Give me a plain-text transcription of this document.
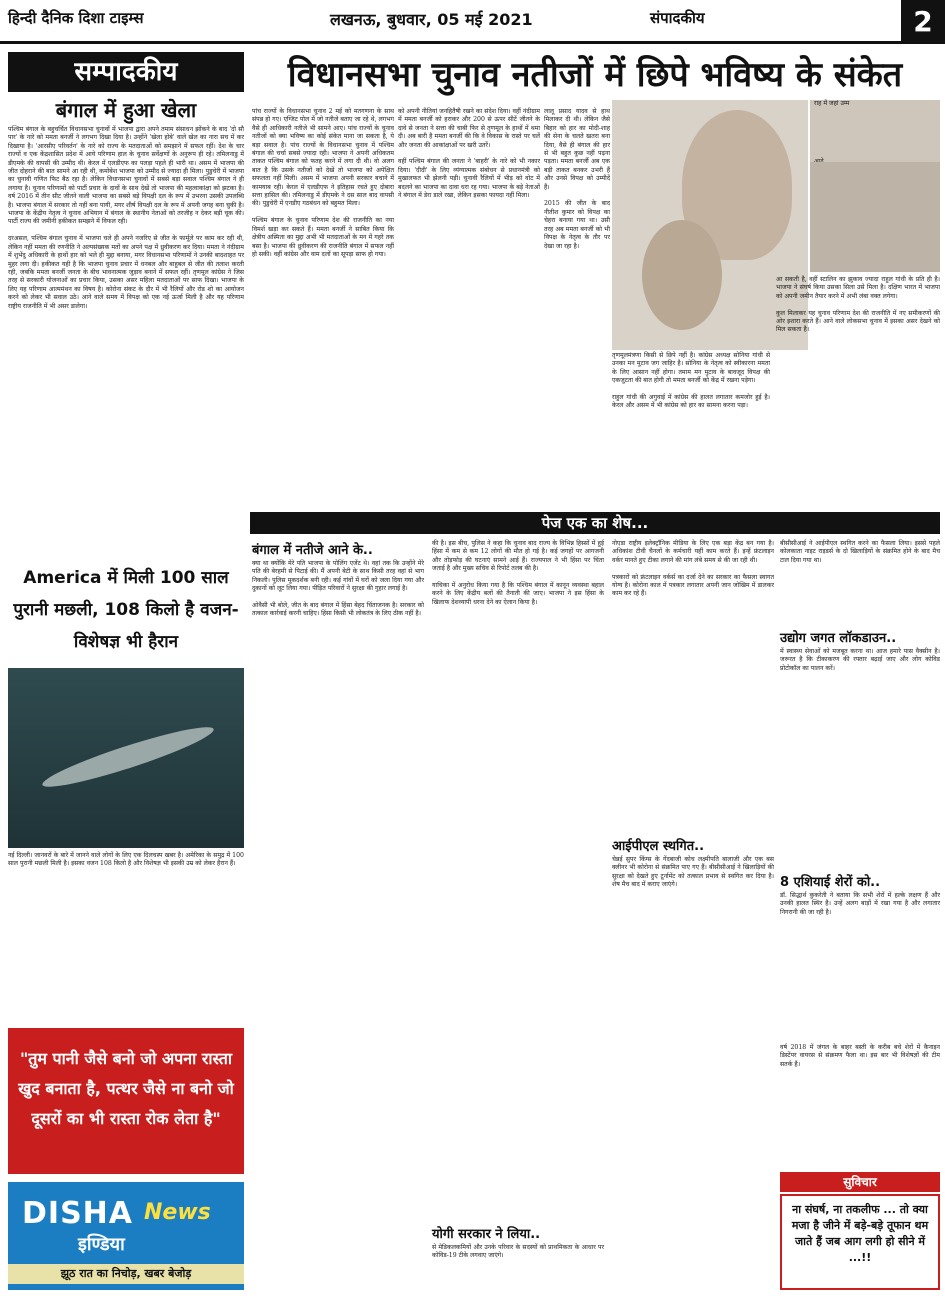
हिन्दी दैनिक दिशा टाइम्स	लखनऊ, बुधवार, 05 मई 2021	संपादकीय	2
सम्पादकीय
बंगाल में हुआ खेला
पश्चिम बंगाल के बहुचर्चित विधानसभा चुनावों में भाजपा द्वारा अपने तमाम संसाधन झोंकने के बाद 'दो सौ पार' के नारे को ममता बनर्जी ने लगभग दिखा दिया है। उन्होंने 'खेला होबे' वाले खेल का नारा सच में कर दिखाया है। 'आरसीए परिवर्तन' के नारे को राज्य के मतदाताओं को समझाने में सफल रहीं। देश के चार राज्यों व एक केंद्रशासित प्रदेश में आये परिणाम हाल के चुनाव सर्वेक्षणों के अनुरूप ही रहे। तमिलनाडु में डीएमके की वापसी की उम्मीद थी। केरल में एलडीएफ का पलड़ा पहले ही भारी था। असम में भाजपा की जीत दोहराने की बात सामने आ रही थी, कमोबेश भाजपा को उम्मीद से ज्यादा ही मिला। पुडुचेरी में भाजपा का चुनावी गणित फिट बैठ रहा है। लेकिन विधानसभा चुनावों में सबसे बड़ा सवाल पश्चिम बंगाल ने ही लगाया है। चुनाव परिणामों को पार्टी प्रचार के दावों के साथ देखें तो भाजपा की महत्वाकांक्षा को झटका है। वर्ष 2016 में तीन सीट जीतने वाली भाजपा का सबसे बड़े विपक्षी दल के रूप में उभरना उसकी उपलब्धि है। भाजपा बंगाल में सरकार तो नहीं बना पायी, मगर शीर्ष विपक्षी दल के रूप में अपनी जगह बना चुकी है। भाजपा के केंद्रीय नेतृत्व ने चुनाव अभियान में बंगाल के स्थानीय नेताओं को तरजीह न देकर बड़ी चूक की। पार्टी राज्य की जमीनी हकीकत समझने में विफल रही।

दरअसल, पश्चिम बंगाल चुनाव में भाजपा चले ही अपने नजरिए से जीत के फार्मूले पर काम कर रही थी, लेकिन नहीं ममता की रणनीति ने अल्पसंख्यक मतों का अपने पक्ष में ध्रुवीकरण कर दिया। ममता ने नंदीग्राम में शुभेंदु अधिकारी के हाथों हार को भले ही मुद्दा बनाया, मगर विधानसभा परिणामों ने उनकी बादशाहत पर मुहर लगा दी। हकीकत यही है कि भाजपा चुनाव प्रचार में धनबल और बाहुबल से जीत की तलाश करती रही, जबकि ममता बनर्जी जनता के बीच भावनात्मक जुड़ाव बनाने में सफल रहीं। तृणमूल कांग्रेस ने जिस तरह से सरकारी योजनाओं का प्रचार किया, उसका असर महिला मतदाताओं पर साफ दिखा। भाजपा के लिए यह परिणाम आत्ममंथन का विषय है। कोरोना संकट के दौर में भी रैलियों और रोड शो का आयोजन करने को लेकर भी सवाल उठे। आने वाले समय में विपक्ष को एक नई ऊर्जा मिली है और यह परिणाम राष्ट्रीय राजनीति में भी असर डालेगा।
विधानसभा चुनाव नतीजों में छिपे भविष्य के संकेत
पांच राज्यों के विधानसभा चुनाव 2 मई को मतगणना के साथ संपन्न हो गए। एग्जिट पोल में जो नतीजे बताए जा रहे थे, लगभग वैसे ही आधिकारी नतीजे भी सामने आए। पांच राज्यों के चुनाव नतीजों को क्या भविष्य का कोई संकेत माना जा सकता है, ये बड़ा सवाल है। पांच राज्यों के विधानसभा चुनाव में पश्चिम बंगाल की चर्चा सबसे ज्यादा रही। भाजपा ने अपनी अधिकतम ताकत पश्चिम बंगाल को फतह करने में लगा दी थी। वो अलग बात है कि उसके नतीजों को देखें तो भाजपा को अपेक्षित सफलता नहीं मिली। असम में भाजपा अपनी सरकार बचाने में कामयाब रही। केरल में एलडीएफ ने इतिहास रचते हुए दोबारा सत्ता हासिल की। तमिलनाडु में डीएमके ने दस साल बाद वापसी की। पुडुचेरी में एनडीए गठबंधन को बहुमत मिला।

पश्चिम बंगाल के चुनाव परिणाम देश की राजनीति का नया विमर्श खड़ा कर सकते हैं। ममता बनर्जी ने साबित किया कि क्षेत्रीय अस्मिता का मुद्दा अभी भी मतदाताओं के मन में गहरे तक बसा है। भाजपा की ध्रुवीकरण की राजनीति बंगाल में सफल नहीं हो सकी। वहीं कांग्रेस और वाम दलों का सूपड़ा साफ हो गया।
को अपनी नीतियां जनहितैषी रखने का संदेश दिया। वहीं नंदीग्राम में ममता बनर्जी को हराकर और 200 से ऊपर सीटें जीतने के दावे से जनता ने सत्ता की चाबी फिर से तृणमूल के हाथों में थमा दी। अब बारी है ममता बनर्जी की कि वे विकास के रास्ते पर चलें और जनता की आकांक्षाओं पर खरी उतरें।

वहीं पश्चिम बंगाल की जनता ने 'बाहरी' के नारे को भी नकार दिया। 'दीदी' के लिए व्यंग्यात्मक संबोधन से प्रधानमंत्री को मुखालफत भी झेलनी पड़ी। चुनावी रैलियों में भीड़ को वोट में बदलने का भाजपा का दावा धरा रह गया। भाजपा के बड़े नेताओं ने बंगाल में डेरा डाले रखा, लेकिन इसका फायदा नहीं मिला।
लालू प्रसाद यादव से हाथ मिलाकर दी थी। लेकिन जैसे बिहार को हार का मोदी-शाह की सेना के चलते खतरा बना दिया, वैसे ही बंगाल की हार से भी बहुत कुछ नहीं पढ़ना पड़ता। ममता बनर्जी अब एक बड़ी ताकत बनकर उभरी हैं और उनसे विपक्ष को उम्मीदें हैं।

2015 की जीत के बाद नीतीश कुमार को विपक्ष का चेहरा बनाया गया था। उसी तरह अब ममता बनर्जी को भी विपक्ष के नेतृत्व के तौर पर देखा जा रहा है।
राह में जहां उम्म
तृणमूलमंत्रणा किसी से छिपे नहीं है। कांग्रेस अध्यक्ष सोनिया गांधी से उनका मन मुटाव जग जाहिर है। सोनिया के नेतृत्व को स्वीकारना ममता के लिए आसान नहीं होगा। तमाम मन मुटाव के बावजूद विपक्ष की एकजुटता की बात होगी तो ममता बनर्जी को केंद्र में रखना पड़ेगा।

राहुल गांधी की अगुवाई में कांग्रेस की हालत लगातार कमजोर हुई है। केरल और असम में भी कांग्रेस को हार का सामना करना पड़ा।
आ सकती है, वहीं स्टालिन का झुकाव ज्यादा राहुल गांधी के प्रति ही है। भाजपा ने संघर्ष किया उसका सिला उसे मिला है। दक्षिण भारत में भाजपा को अपनी जमीन तैयार करने में अभी लंबा वक्त लगेगा।

कुल मिलाकर यह चुनाव परिणाम देश की राजनीति में नए समीकरणों की ओर इशारा करते हैं। आने वाले लोकसभा चुनाव में इसका असर देखने को मिल सकता है।
पेज एक का शेष...
America में मिली 100 साल पुरानी मछली, 108 किलो है वजन- विशेषज्ञ भी हैरान
नई दिल्ली। जानवरों के बारे में जानने वाले लोगों के लिए एक दिलचस्प खबर है। अमेरिका के समुद्र में 100 साल पुरानी मछली मिली है। इसका वजन 108 किलो है और विशेषज्ञ भी इसकी उम्र को लेकर हैरान हैं।
"तुम पानी जैसे बनो जो अपना रास्ता खुद बनाता है, पत्थर जैसे ना बनो जो दूसरों का भी रास्ता रोक लेता है"
DISHA News
इण्डिया
झूठ रात का निचोड़, खबर बेजोड़
बंगाल में नतीजे आने के..
क्या था क्योंकि मेरे पति भाजपा के पोलिंग एजेंट थे। वहां तक कि उन्होंने मेरे पति की बेरहमी से पिटाई की। मैं अपनी बेटी के साथ किसी तरह वहां से भाग निकली। पुलिस मूकदर्शक बनी रही। कई गांवों में घरों को जला दिया गया और दुकानों को लूट लिया गया। पीड़ित परिवारों ने सुरक्षा की गुहार लगाई है।

ओवैसी भी बोले, जीत के बाद बंगाल में हिंसा बेहद चिंताजनक है। सरकार को तत्काल कार्रवाई करनी चाहिए। हिंसा किसी भी लोकतंत्र के लिए ठीक नहीं है।
की है। इस बीच, पुलिस ने कहा कि चुनाव बाद राज्य के विभिन्न हिस्सों में हुई हिंसा में कम से कम 12 लोगों की मौत हो गई है। कई जगहों पर आगजनी और तोड़फोड़ की घटनाएं सामने आई हैं। राज्यपाल ने भी हिंसा पर चिंता जताई है और मुख्य सचिव से रिपोर्ट तलब की है।

याचिका में अनुरोध किया गया है कि पश्चिम बंगाल में कानून व्यवस्था बहाल करने के लिए केंद्रीय बलों की तैनाती की जाए। भाजपा ने इस हिंसा के खिलाफ देशव्यापी धरना देने का ऐलान किया है।
योगी सरकार ने लिया..
से मेडिकलकमियों और उनके परिवार के सदस्यों को प्राथमिकता के आधार पर कोविड-19 टीके लगवाए जाएंगे।
नोएडा राष्ट्रीय इलेक्ट्रॉनिक मीडिया के लिए एक बड़ा केंद्र बन गया है। अधिकांश टीवी चैनलों के कर्मचारी यहीं काम करते हैं। इन्हें फ्रंटलाइन वर्कर मानते हुए टीका लगाने की मांग लंबे समय से की जा रही थी।

पत्रकारों को फ्रंटलाइन वर्कर्स का दर्जा देने का सरकार का फैसला स्वागत योग्य है। कोरोना काल में पत्रकार लगातार अपनी जान जोखिम में डालकर काम कर रहे हैं।
आईपीएल स्थगित..
चेन्नई सुपर किंग्स के गेंदबाजी कोच लक्ष्मीपति बालाजी और एक बस क्लीनर भी कोरोना से संक्रमित पाए गए हैं। बीसीसीआई ने खिलाड़ियों की सुरक्षा को देखते हुए टूर्नामेंट को तत्काल प्रभाव से स्थगित कर दिया है। शेष मैच बाद में कराए जाएंगे।
बीसीसीआई ने आईपीएल स्थगित करने का फैसला लिया। इससे पहले कोलकाता नाइट राइडर्स के दो खिलाड़ियों के संक्रमित होने के बाद मैच टाल दिया गया था।
उद्योग जगत लॉकडाउन..
में स्वास्थ्य सेवाओं को मजबूत करना था। आज हमारे पास वैक्सीन है। जरूरत है कि टीकाकरण की रफ्तार बढ़ाई जाए और लोग कोविड प्रोटोकॉल का पालन करें।
8 एशियाई शेरों को..
डॉ. सिद्धार्थ कुकरेती ने बताया कि सभी शेरों में हल्के लक्षण हैं और उनकी हालत स्थिर है। उन्हें अलग बाड़ों में रखा गया है और लगातार निगरानी की जा रही है।
वर्ष 2018 में जंगल के बाहर बस्ती के करीब बचे शेरों में कैनाइन डिस्टेंपर वायरस से संक्रमण फैला था। इस बार भी विशेषज्ञों की टीम सतर्क है।
सुविचार
ना संघर्ष, ना तकलीफ ... तो क्या मजा है जीने में बड़े-बड़े तूफान थम जाते हैं जब आग लगी हो सीने में ...!!
